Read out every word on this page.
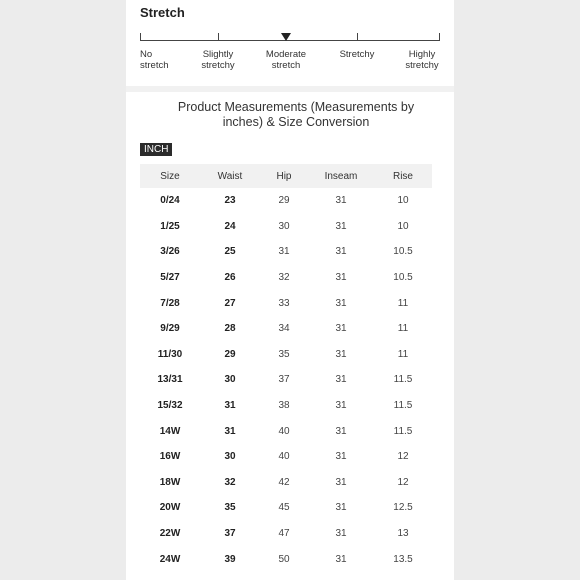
Stretch
No
stretch
Slightly
stretchy
Moderate
stretch
Stretchy	Highly
stretchy
Product Measurements (Measurements by inches) & Size Conversion
INCH
Size	Waist	Hip	Inseam	Rise
0/24	23	29	31	10
1/25	24	30	31	10
3/26	25	31	31	10.5
5/27	26	32	31	10.5
7/28	27	33	31	11
9/29	28	34	31	11
11/30	29	35	31	11
13/31	30	37	31	11.5
15/32	31	38	31	11.5
14W	31	40	31	11.5
16W	30	40	31	12
18W	32	42	31	12
20W	35	45	31	12.5
22W	37	47	31	13
24W	39	50	31	13.5
